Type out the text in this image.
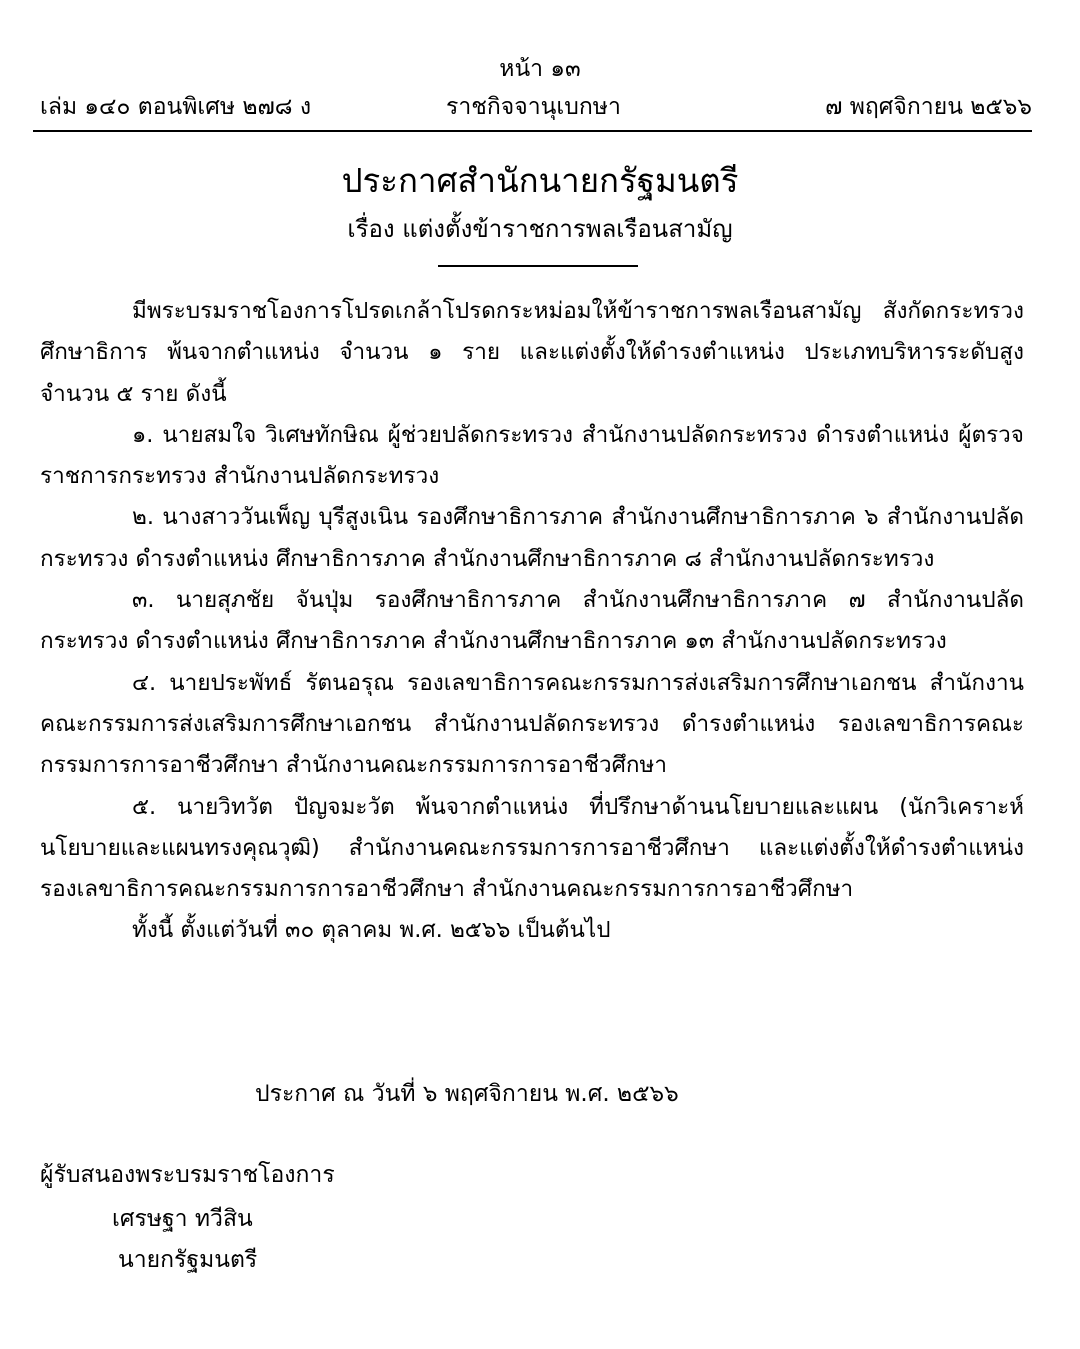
หน้า ๑๓
เล่ม ๑๔๐ ตอนพิเศษ ๒๗๘ ง	ราชกิจจานุเบกษา	๗ พฤศจิกายน ๒๕๖๖
ประกาศสำนักนายกรัฐมนตรี
เรื่อง แต่งตั้งข้าราชการพลเรือนสามัญ

มีพระบรมราชโองการโปรดเกล้าโปรดกระหม่อมให้ข้าราชการพลเรือนสามัญ สังกัดกระทรวงศึกษาธิการ พ้นจากตำแหน่ง จำนวน ๑ ราย และแต่งตั้งให้ดำรงตำแหน่ง ประเภทบริหารระดับสูง จำนวน ๕ ราย ดังนี้

๑. นายสมใจ วิเศษทักษิณ ผู้ช่วยปลัดกระทรวง สำนักงานปลัดกระทรวง ดำรงตำแหน่ง ผู้ตรวจราชการกระทรวง สำนักงานปลัดกระทรวง

๒. นางสาววันเพ็ญ บุรีสูงเนิน รองศึกษาธิการภาค สำนักงานศึกษาธิการภาค ๖ สำนักงานปลัดกระทรวง ดำรงตำแหน่ง ศึกษาธิการภาค สำนักงานศึกษาธิการภาค ๘ สำนักงานปลัดกระทรวง

๓. นายสุภชัย จันปุ่ม รองศึกษาธิการภาค สำนักงานศึกษาธิการภาค ๗ สำนักงานปลัดกระทรวง ดำรงตำแหน่ง ศึกษาธิการภาค สำนักงานศึกษาธิการภาค ๑๓ สำนักงานปลัดกระทรวง

๔. นายประพัทธ์ รัตนอรุณ รองเลขาธิการคณะกรรมการส่งเสริมการศึกษาเอกชน สำนักงานคณะกรรมการส่งเสริมการศึกษาเอกชน สำนักงานปลัดกระทรวง ดำรงตำแหน่ง รองเลขาธิการคณะกรรมการการอาชีวศึกษา สำนักงานคณะกรรมการการอาชีวศึกษา

๕. นายวิทวัต ปัญจมะวัต พ้นจากตำแหน่ง ที่ปรึกษาด้านนโยบายและแผน (นักวิเคราะห์นโยบายและแผนทรงคุณวุฒิ) สำนักงานคณะกรรมการการอาชีวศึกษา และแต่งตั้งให้ดำรงตำแหน่ง รองเลขาธิการคณะกรรมการการอาชีวศึกษา สำนักงานคณะกรรมการการอาชีวศึกษา

ทั้งนี้ ตั้งแต่วันที่ ๓๐ ตุลาคม พ.ศ. ๒๕๖๖ เป็นต้นไป

ประกาศ ณ วันที่ ๖ พฤศจิกายน พ.ศ. ๒๕๖๖
ผู้รับสนองพระบรมราชโองการ
เศรษฐา ทวีสิน
นายกรัฐมนตรี
